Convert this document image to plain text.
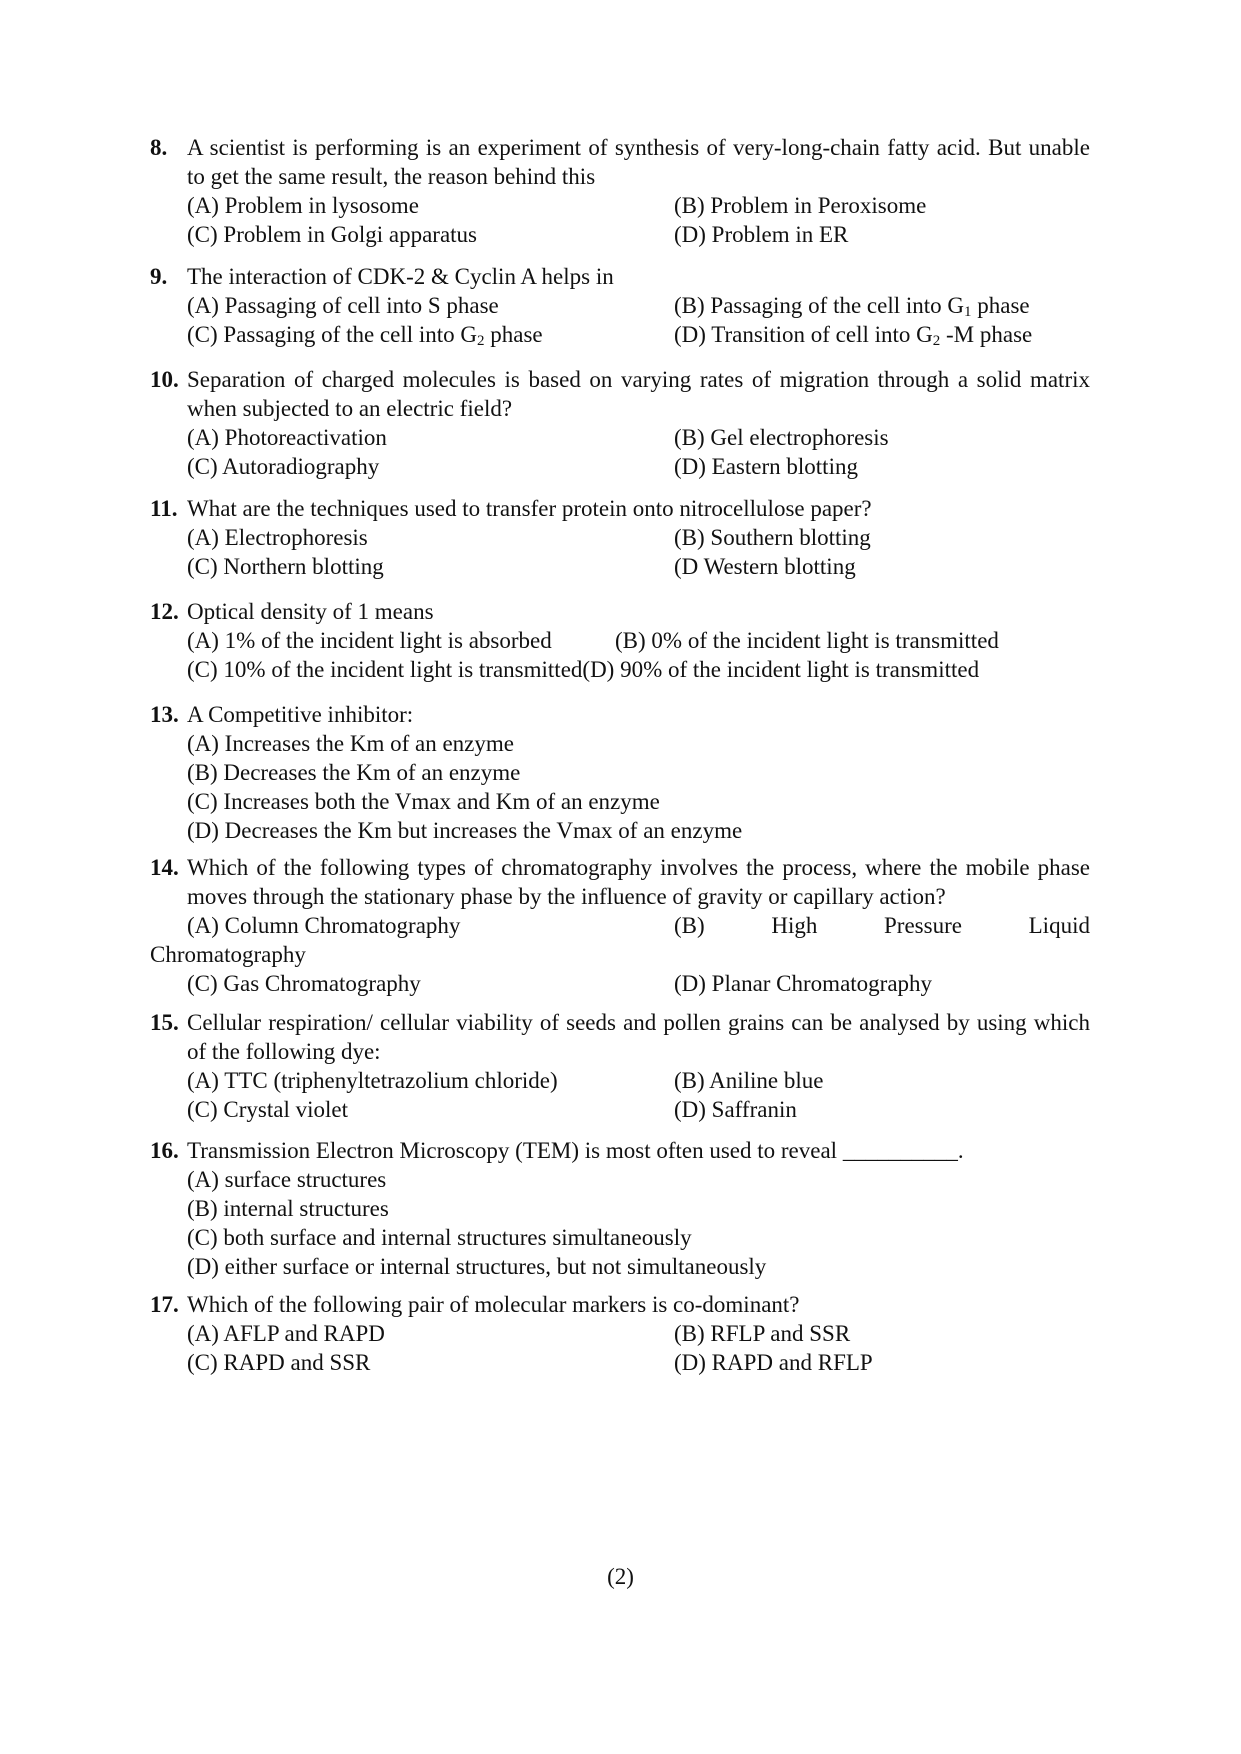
8. A scientist is performing is an experiment of synthesis of very-long-chain fatty acid. But unable to get the same result, the reason behind this
(A) Problem in lysosome	(B) Problem in Peroxisome
(C) Problem in Golgi apparatus	(D) Problem in ER
9. The interaction of CDK-2 & Cyclin A helps in
(A) Passaging of cell into S phase	(B) Passaging of the cell into $G_1$ phase
(C) Passaging of the cell into $G_2$ phase	(D) Transition of cell into $G_2$ -M phase
10. Separation of charged molecules is based on varying rates of migration through a solid matrix when subjected to an electric field?
(A) Photoreactivation	(B) Gel electrophoresis
(C) Autoradiography	(D) Eastern blotting
11. What are the techniques used to transfer protein onto nitrocellulose paper?
(A) Electrophoresis	(B) Southern blotting
(C) Northern blotting	(D Western blotting
12. Optical density of 1 means
(A) 1% of the incident light is absorbed	(B) 0% of the incident light is transmitted
(C) 10% of the incident light is transmitted (D) 90% of the incident light is transmitted
13. A Competitive inhibitor:
(A) Increases the Km of an enzyme
(B) Decreases the Km of an enzyme
(C) Increases both the Vmax and Km of an enzyme
(D) Decreases the Km but increases the Vmax of an enzyme
14. Which of the following types of chromatography involves the process, where the mobile phase moves through the stationary phase by the influence of gravity or capillary action?
(A) Column Chromatography	(B)	High	Pressure	Liquid
Chromatography
(C) Gas Chromatography	(D) Planar Chromatography
15. Cellular respiration/ cellular viability of seeds and pollen grains can be analysed by using which of the following dye:
(A) TTC (triphenyltetrazolium chloride)	(B) Aniline blue
(C) Crystal violet	(D) Saffranin
16. Transmission Electron Microscopy (TEM) is most often used to reveal __________.
(A) surface structures
(B) internal structures
(C) both surface and internal structures simultaneously
(D) either surface or internal structures, but not simultaneously
17. Which of the following pair of molecular markers is co-dominant?
(A) AFLP and RAPD	(B) RFLP and SSR
(C) RAPD and SSR	(D) RAPD and RFLP
(2)
